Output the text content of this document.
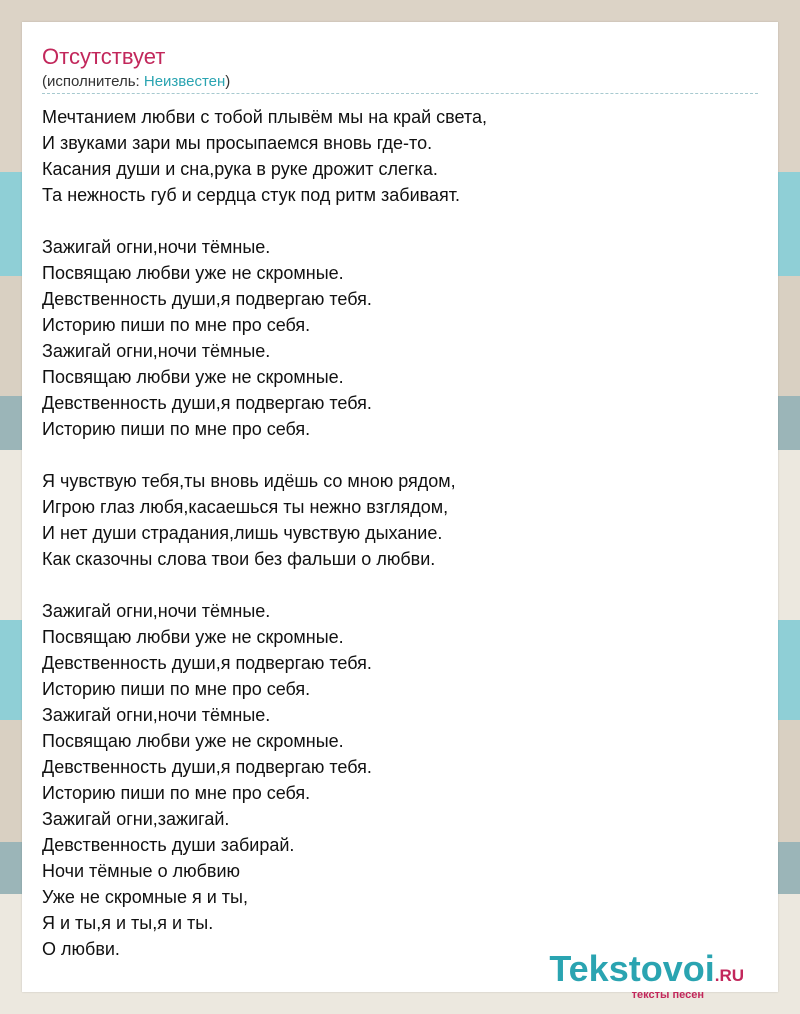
Отсутствует
(исполнитель: Неизвестен)
Мечтанием любви с тобой плывём мы на край света,
И звуками зари мы просыпаемся вновь где-то.
Касания души и сна,рука в руке дрожит слегка.
Та нежность губ и сердца стук под ритм забиваят.
Зажигай огни,ночи тёмные.
Посвящаю любви уже не скромные.
Девственность души,я подвергаю тебя.
Историю пиши по мне про себя.
Зажигай огни,ночи тёмные.
Посвящаю любви уже не скромные.
Девственность души,я подвергаю тебя.
Историю пиши по мне про себя.
Я чувствую тебя,ты вновь идёшь со мною рядом,
Игрою глаз любя,касаешься ты нежно взглядом,
И нет души страдания,лишь чувствую дыхание.
Как сказочны слова твои без фальши о любви.
Зажигай огни,ночи тёмные.
Посвящаю любви уже не скромные.
Девственность души,я подвергаю тебя.
Историю пиши по мне про себя.
Зажигай огни,ночи тёмные.
Посвящаю любви уже не скромные.
Девственность души,я подвергаю тебя.
Историю пиши по мне про себя.
Зажигай огни,зажигай.
Девственность души забирай.
Ночи тёмные о любвию
Уже не скромные я и ты,
Я и ты,я и ты,я и ты.
О любви.	Tekstovoi.RU
тексты песен
